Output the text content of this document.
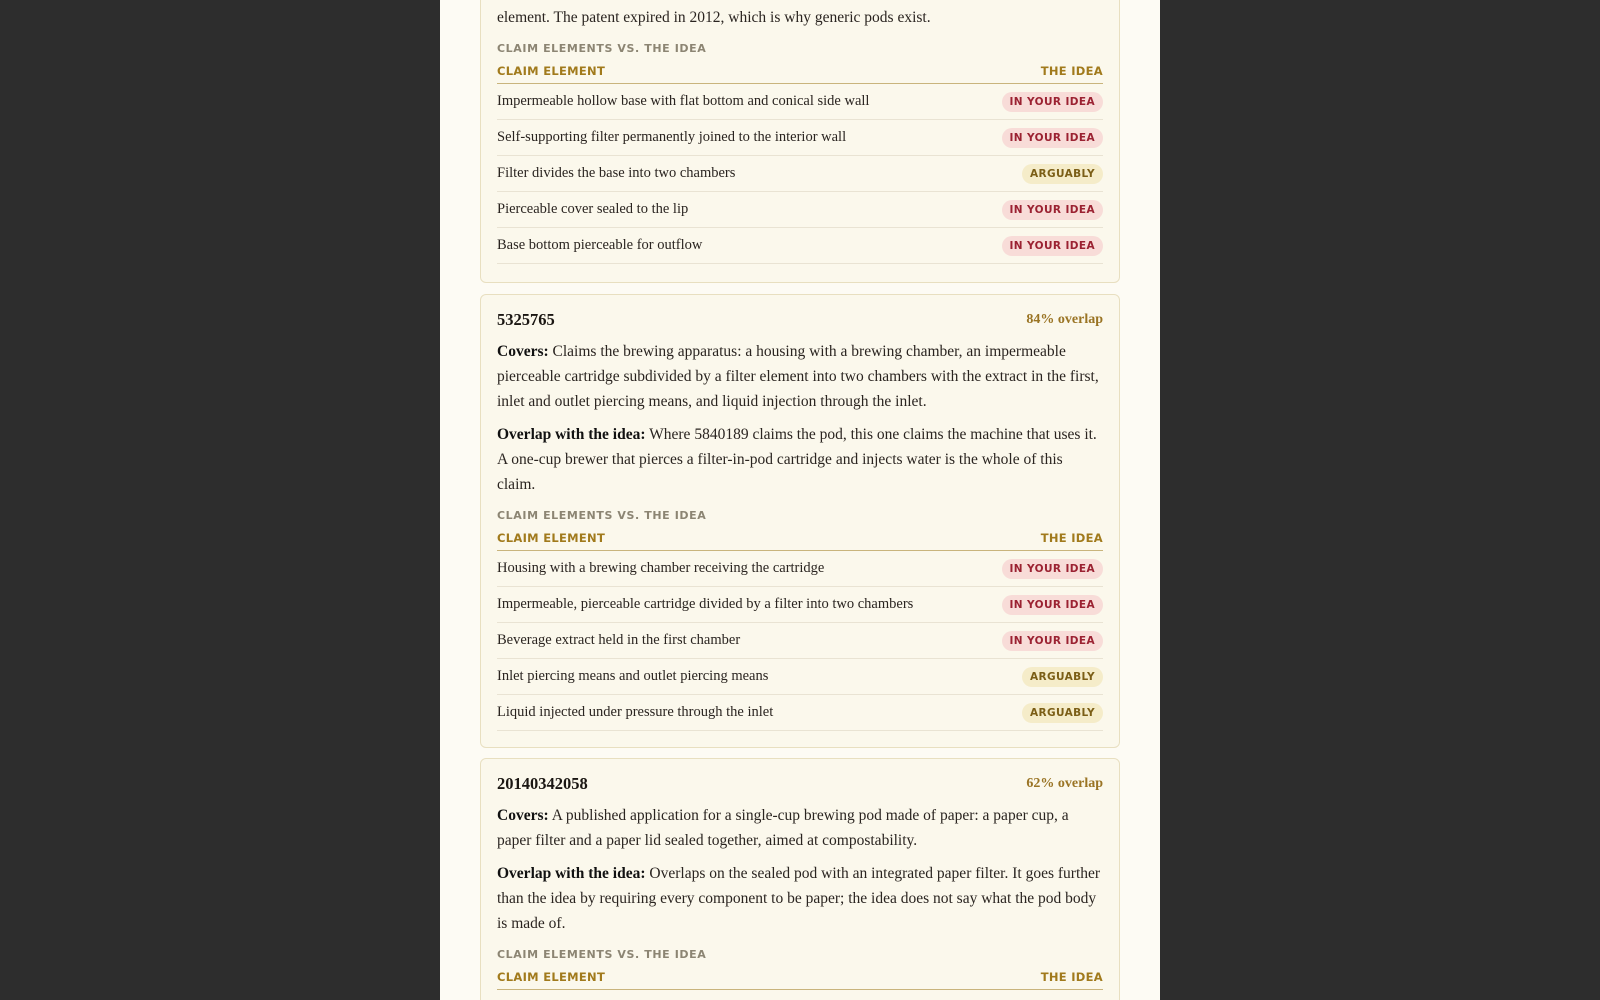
element. The patent expired in 2012, which is why generic pods exist.

CLAIM ELEMENTS VS. THE IDEA
CLAIM ELEMENT	THE IDEA
Impermeable hollow base with flat bottom and conical side wall	IN YOUR IDEA
Self-supporting filter permanently joined to the interior wall	IN YOUR IDEA
Filter divides the base into two chambers	ARGUABLY
Pierceable cover sealed to the lip	IN YOUR IDEA
Base bottom pierceable for outflow	IN YOUR IDEA
5325765	84% overlap

Covers: Claims the brewing apparatus: a housing with a brewing chamber, an impermeable pierceable cartridge subdivided by a filter element into two chambers with the extract in the first, inlet and outlet piercing means, and liquid injection through the inlet.

Overlap with the idea: Where 5840189 claims the pod, this one claims the machine that uses it. A one-cup brewer that pierces a filter-in-pod cartridge and injects water is the whole of this claim.

CLAIM ELEMENTS VS. THE IDEA
CLAIM ELEMENT	THE IDEA
Housing with a brewing chamber receiving the cartridge	IN YOUR IDEA
Impermeable, pierceable cartridge divided by a filter into two chambers	IN YOUR IDEA
Beverage extract held in the first chamber	IN YOUR IDEA
Inlet piercing means and outlet piercing means	ARGUABLY
Liquid injected under pressure through the inlet	ARGUABLY
20140342058	62% overlap

Covers: A published application for a single-cup brewing pod made of paper: a paper cup, a paper filter and a paper lid sealed together, aimed at compostability.

Overlap with the idea: Overlaps on the sealed pod with an integrated paper filter. It goes further than the idea by requiring every component to be paper; the idea does not say what the pod body is made of.

CLAIM ELEMENTS VS. THE IDEA
CLAIM ELEMENT	THE IDEA
